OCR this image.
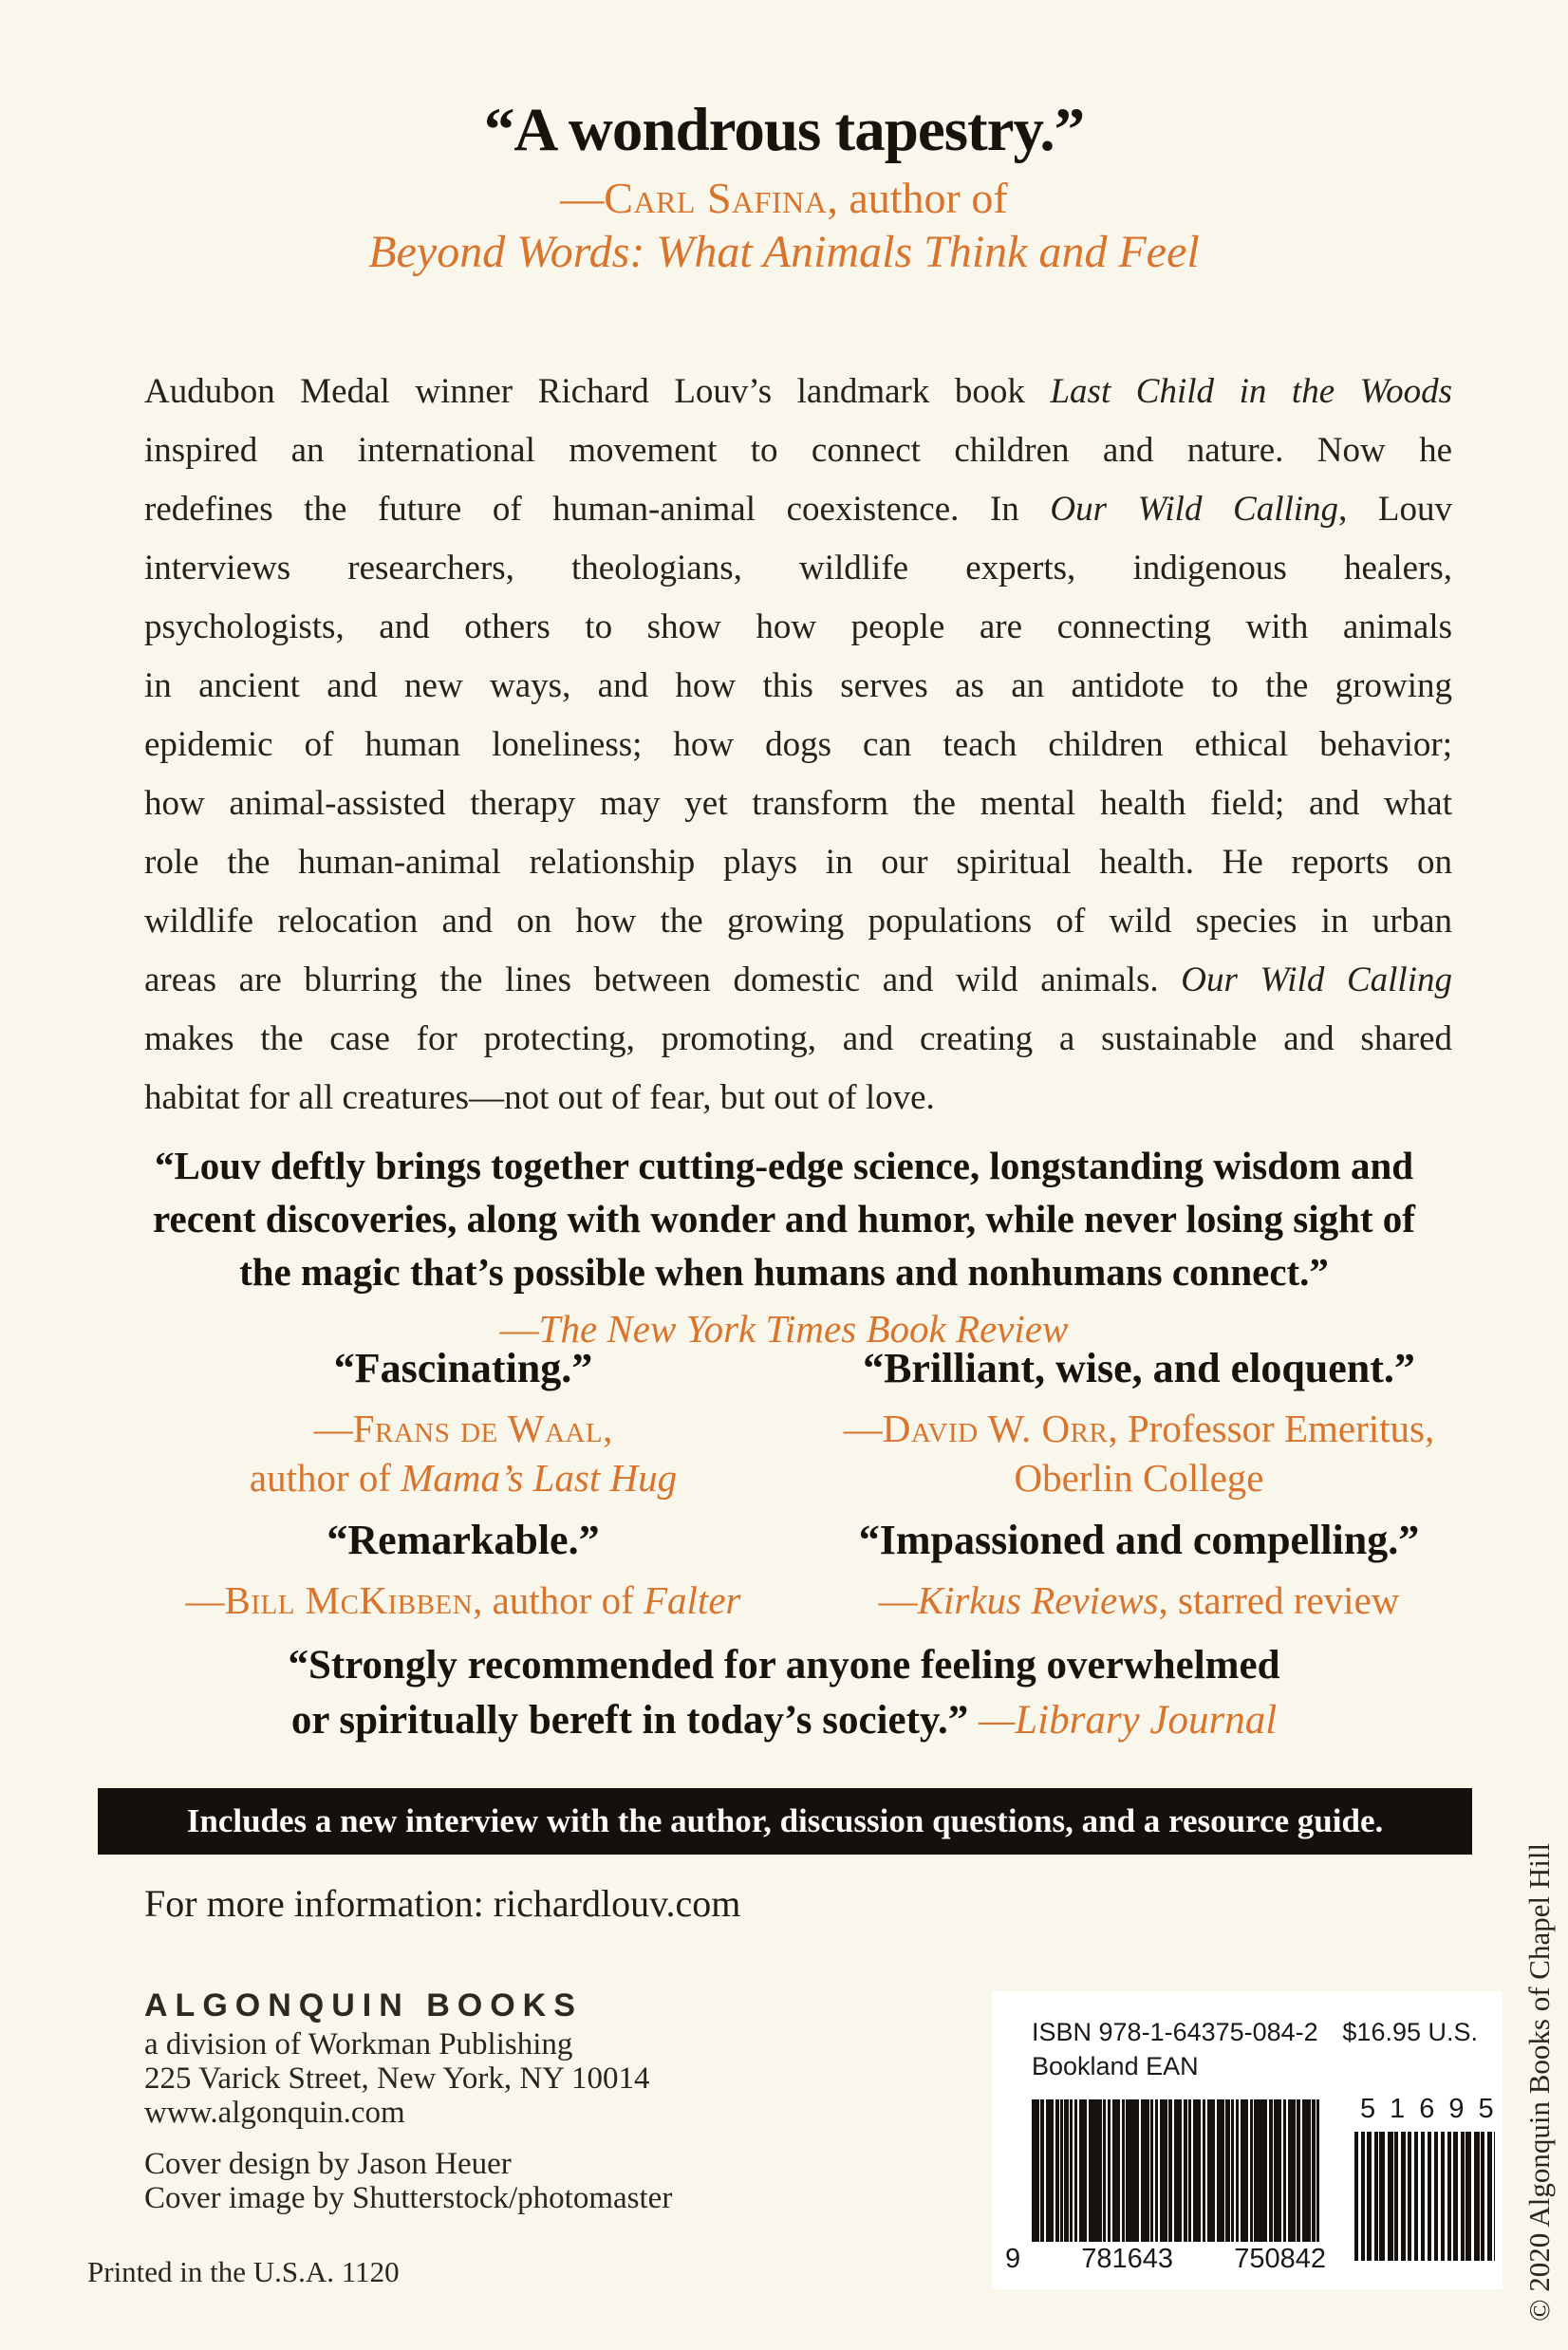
“A wondrous tapestry.”
—Carl Safina, author of
Beyond Words: What Animals Think and Feel
Audubon Medal winner Richard Louv’s landmark book Last Child in the Woods
inspired an international movement to connect children and nature. Now he
redefines the future of human-animal coexistence. In Our Wild Calling, Louv
interviews researchers, theologians, wildlife experts, indigenous healers,
psychologists, and others to show how people are connecting with animals
in ancient and new ways, and how this serves as an antidote to the growing
epidemic of human loneliness; how dogs can teach children ethical behavior;
how animal-assisted therapy may yet transform the mental health field; and what
role the human-animal relationship plays in our spiritual health. He reports on
wildlife relocation and on how the growing populations of wild species in urban
areas are blurring the lines between domestic and wild animals. Our Wild Calling
makes the case for protecting, promoting, and creating a sustainable and shared
habitat for all creatures—not out of fear, but out of love.
“Louv deftly brings together cutting-edge science, longstanding wisdom and
recent discoveries, along with wonder and humor, while never losing sight of
the magic that’s possible when humans and nonhumans connect.”
—The New York Times Book Review
“Fascinating.”
—Frans de Waal,
author of Mama’s Last Hug
“Brilliant, wise, and eloquent.”
—David W. Orr, Professor Emeritus,
Oberlin College
“Remarkable.”
—Bill McKibben, author of Falter
“Impassioned and compelling.”
—Kirkus Reviews, starred review
“Strongly recommended for anyone feeling overwhelmed
or spiritually bereft in today’s society.” —Library Journal
Includes a new interview with the author, discussion questions, and a resource guide.
For more information: richardlouv.com
ALGONQUIN BOOKS
a division of Workman Publishing
225 Varick Street, New York, NY 10014
www.algonquin.com
Cover design by Jason Heuer
Cover image by Shutterstock/photomaster
Printed in the U.S.A. 1120
ISBN 978-1-64375-084-2 $16.95 U.S.
Bookland EAN
9 781643 750842
51695 © 2020 Algonquin Books of Chapel Hill
